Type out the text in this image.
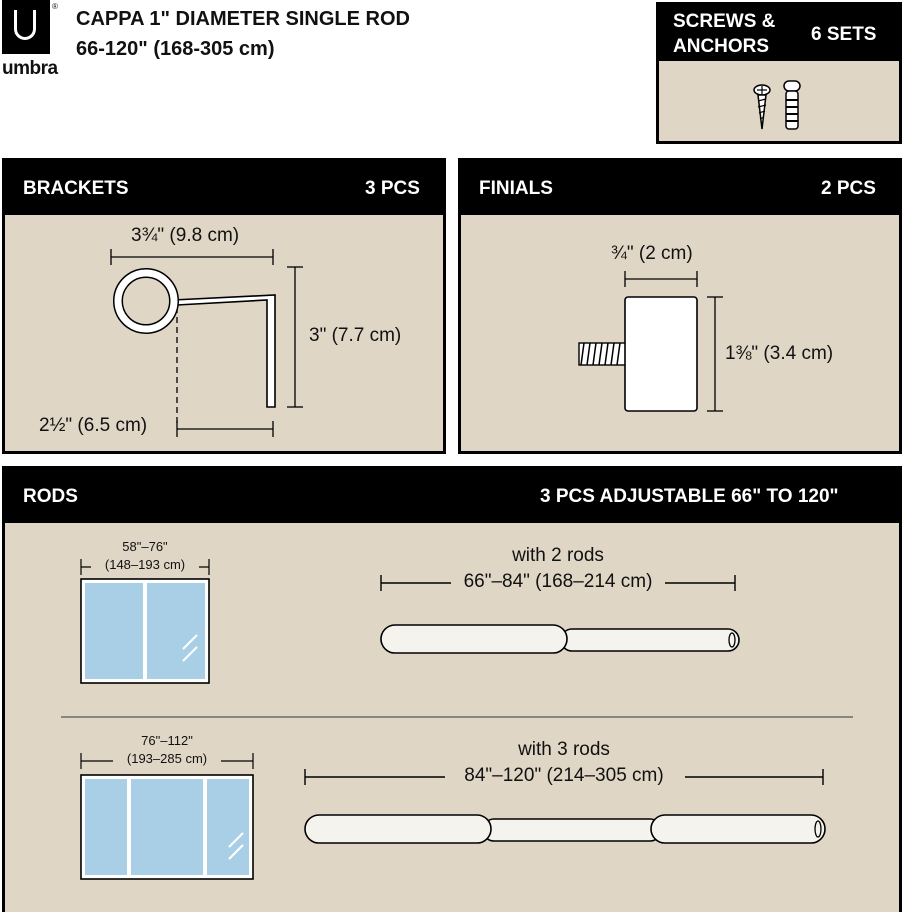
®
umbra
CAPPA 1" DIAMETER SINGLE ROD
66-120" (168-305 cm)
SCREWS &
ANCHORS
6 SETS
BRACKETS	3 PCS
3¾" (9.8 cm)
3" (7.7 cm)
2½" (6.5 cm)
FINIALS	2 PCS
¾" (2 cm)
1⅜" (3.4 cm)
RODS	3 PCS ADJUSTABLE 66" TO 120"
58"–76"
(148–193 cm)	with 2 rods
66"–84" (168–214 cm)
76"–112"
(193–285 cm)	with 3 rods
84"–120" (214–305 cm)
